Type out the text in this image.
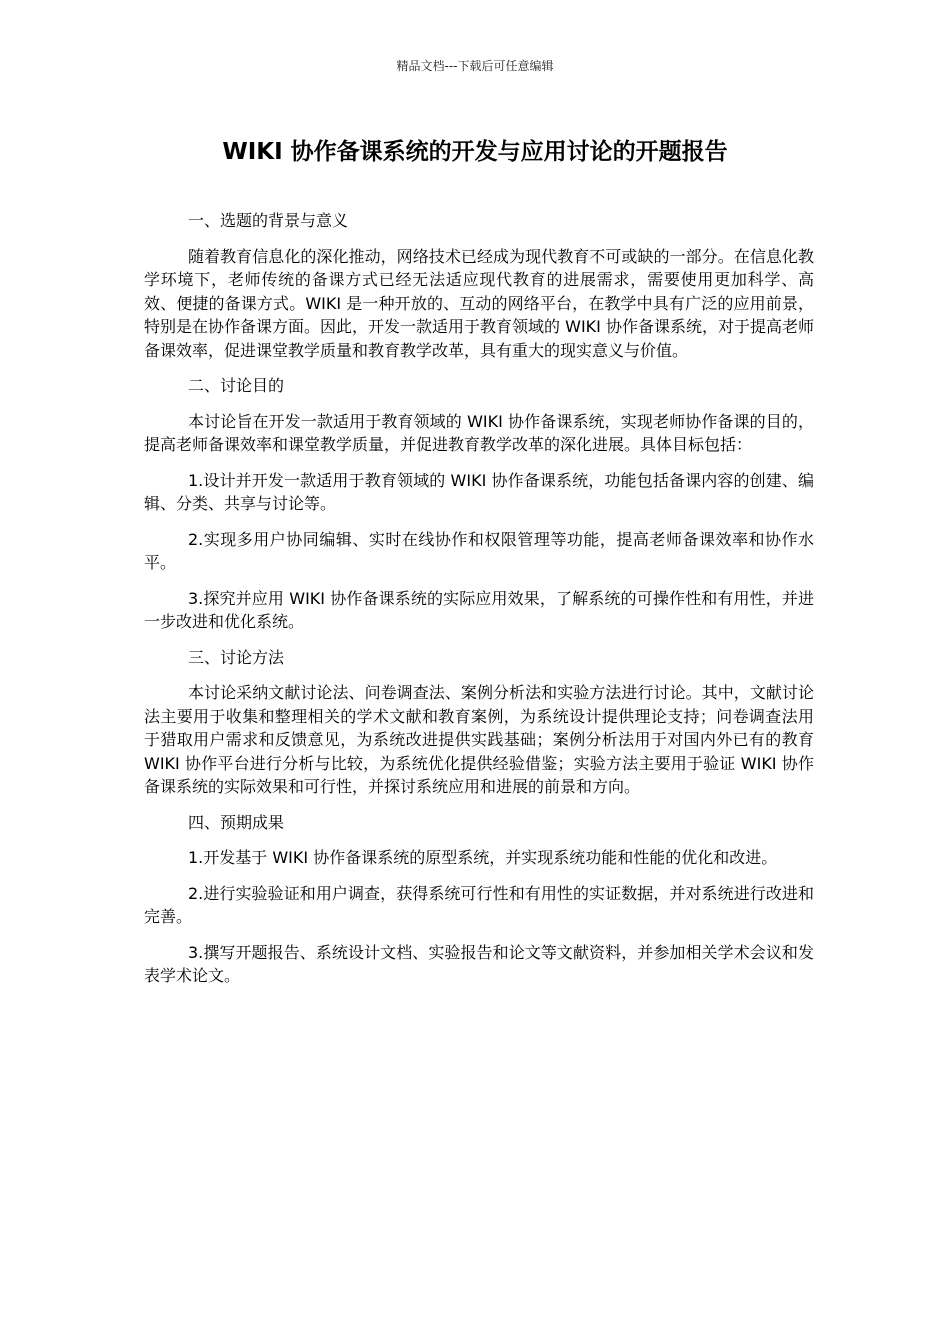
精品文档---下载后可任意编辑
WIKI 协作备课系统的开发与应用讨论的开题报告

一、选题的背景与意义

随着教育信息化的深化推动，网络技术已经成为现代教育不可或缺的一部分。在信息化教学环境下，老师传统的备课方式已经无法适应现代教育的进展需求，需要使用更加科学、高效、便捷的备课方式。WIKI 是一种开放的、互动的网络平台，在教学中具有广泛的应用前景，特别是在协作备课方面。因此，开发一款适用于教育领域的 WIKI 协作备课系统，对于提高老师备课效率，促进课堂教学质量和教育教学改革，具有重大的现实意义与价值。

二、讨论目的

本讨论旨在开发一款适用于教育领域的 WIKI 协作备课系统，实现老师协作备课的目的，提高老师备课效率和课堂教学质量，并促进教育教学改革的深化进展。具体目标包括：

1.设计并开发一款适用于教育领域的 WIKI 协作备课系统，功能包括备课内容的创建、编辑、分类、共享与讨论等。

2.实现多用户协同编辑、实时在线协作和权限管理等功能，提高老师备课效率和协作水平。

3.探究并应用 WIKI 协作备课系统的实际应用效果，了解系统的可操作性和有用性，并进一步改进和优化系统。

三、讨论方法

本讨论采纳文献讨论法、问卷调查法、案例分析法和实验方法进行讨论。其中，文献讨论法主要用于收集和整理相关的学术文献和教育案例，为系统设计提供理论支持；问卷调查法用于猎取用户需求和反馈意见，为系统改进提供实践基础；案例分析法用于对国内外已有的教育 WIKI 协作平台进行分析与比较，为系统优化提供经验借鉴；实验方法主要用于验证 WIKI 协作备课系统的实际效果和可行性，并探讨系统应用和进展的前景和方向。

四、预期成果

1.开发基于 WIKI 协作备课系统的原型系统，并实现系统功能和性能的优化和改进。

2.进行实验验证和用户调查，获得系统可行性和有用性的实证数据，并对系统进行改进和完善。

3.撰写开题报告、系统设计文档、实验报告和论文等文献资料，并参加相关学术会议和发表学术论文。
